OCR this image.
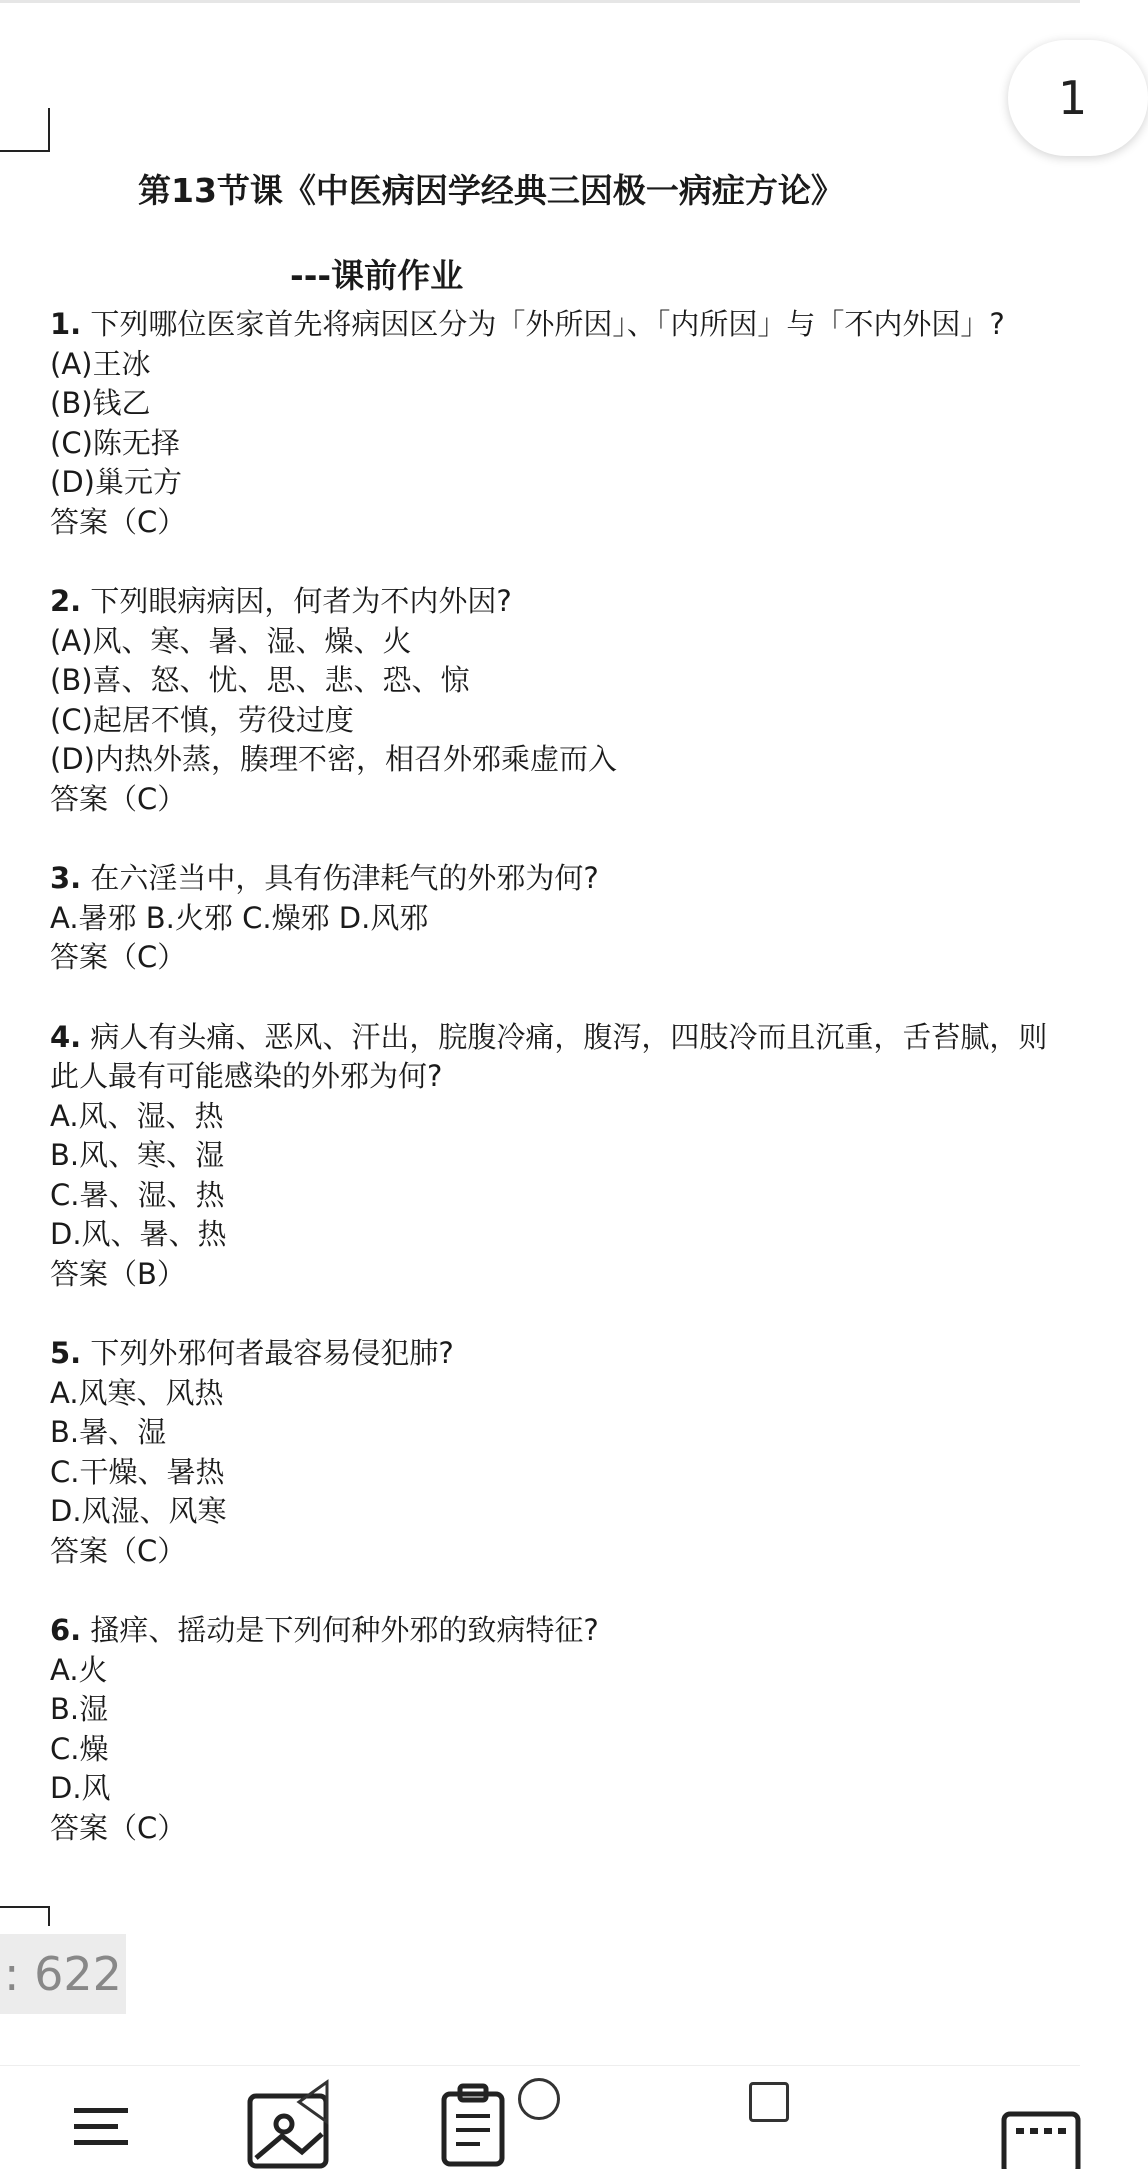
1
第13节课《中医病因学经典三因极一病症方论》
---课前作业
1. 下列哪位医家首先将病因区分为「外所因」、「内所因」与「不内外因」?
(A)王冰
(B)钱乙
(C)陈无择
(D)巢元方
答案（C）
2. 下列眼病病因，何者为不内外因?
(A)风、寒、暑、湿、燥、火
(B)喜、怒、忧、思、悲、恐、惊
(C)起居不慎，劳役过度
(D)内热外蒸，腠理不密，相召外邪乘虚而入
答案（C）
3. 在六淫当中，具有伤津耗气的外邪为何?
A.暑邪 B.火邪 C.燥邪 D.风邪
答案（C）
4. 病人有头痛、恶风、汗出，脘腹冷痛，腹泻，四肢冷而且沉重，舌苔腻，则
此人最有可能感染的外邪为何?
A.风、湿、热
B.风、寒、湿
C.暑、湿、热
D.风、暑、热
答案（B）
5. 下列外邪何者最容易侵犯肺?
A.风寒、风热
B.暑、湿
C.干燥、暑热
D.风湿、风寒
答案（C）
6. 搔痒、摇动是下列何种外邪的致病特征?
A.火
B.湿
C.燥
D.风
答案（C）
: 622
